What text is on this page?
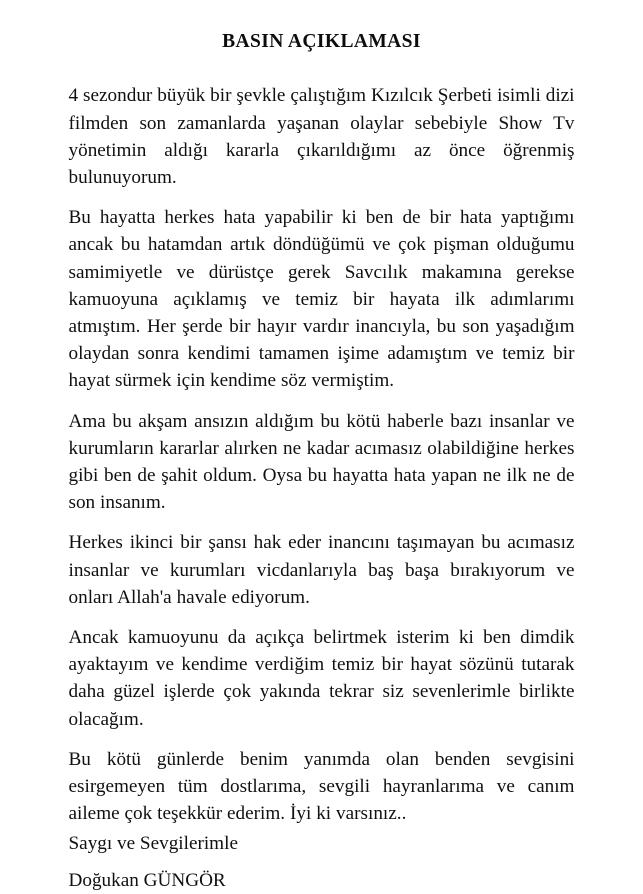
BASIN AÇIKLAMASI

4 sezondur büyük bir şevkle çalıştığım Kızılcık Şerbeti isimli dizi filmden son zamanlarda yaşanan olaylar sebebiyle Show Tv yönetimin aldığı kararla çıkarıldığımı az önce öğrenmiş bulunuyorum.

Bu hayatta herkes hata yapabilir ki ben de bir hata yaptığımı ancak bu hatamdan artık döndüğümü ve çok pişman olduğumu samimiyetle ve dürüstçe gerek Savcılık makamına gerekse kamuoyuna açıklamış ve temiz bir hayata ilk adımlarımı atmıştım. Her şerde bir hayır vardır inancıyla, bu son yaşadığım olaydan sonra kendimi tamamen işime adamıştım ve temiz bir hayat sürmek için kendime söz vermiştim.

Ama bu akşam ansızın aldığım bu kötü haberle bazı insanlar ve kurumların kararlar alırken ne kadar acımasız olabildiğine herkes gibi ben de şahit oldum. Oysa bu hayatta hata yapan ne ilk ne de son insanım.

Herkes ikinci bir şansı hak eder inancını taşımayan bu acımasız insanlar ve kurumları vicdanlarıyla baş başa bırakıyorum ve onları Allah'a havale ediyorum.

Ancak kamuoyunu da açıkça belirtmek isterim ki ben dimdik ayaktayım ve kendime verdiğim temiz bir hayat sözünü tutarak daha güzel işlerde çok yakında tekrar siz sevenlerimle birlikte olacağım.

Bu kötü günlerde benim yanımda olan benden sevgisini esirgemeyen tüm dostlarıma, sevgili hayranlarıma ve canım aileme çok teşekkür ederim. İyi ki varsınız..

Saygı ve Sevgilerimle

Doğukan GÜNGÖR
